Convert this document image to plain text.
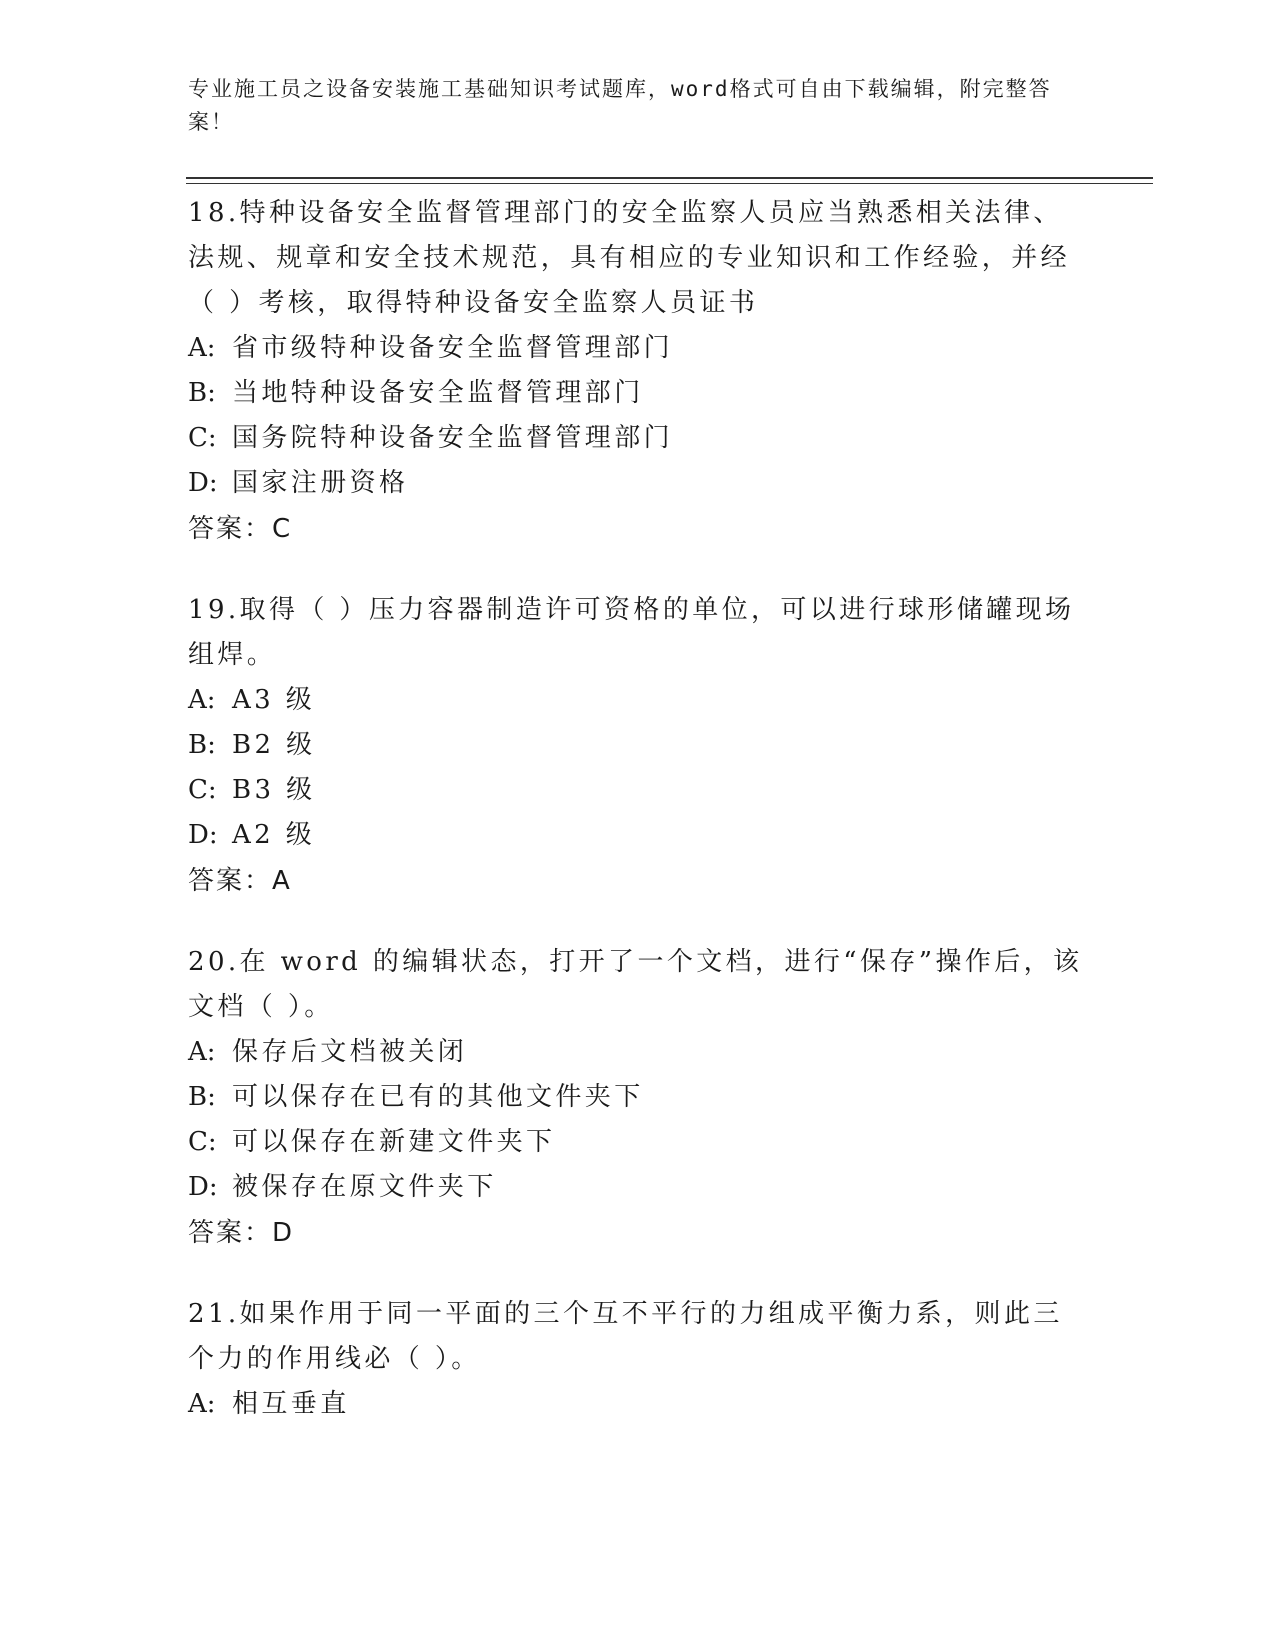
专业施工员之设备安装施工基础知识考试题库，word格式可自由下载编辑，附完整答案！
18.特种设备安全监督管理部门的安全监察人员应当熟悉相关法律、法规、规章和安全技术规范，具有相应的专业知识和工作经验，并经（ ）考核，取得特种设备安全监察人员证书
A: 省市级特种设备安全监督管理部门
B: 当地特种设备安全监督管理部门
C: 国务院特种设备安全监督管理部门
D: 国家注册资格
答案：C
19.取得（ ）压力容器制造许可资格的单位，可以进行球形储罐现场组焊。
A: A3 级
B: B2 级
C: B3 级
D: A2 级
答案：A
20.在 word 的编辑状态，打开了一个文档，进行“保存”操作后，该文档（ ）。
A: 保存后文档被关闭
B: 可以保存在已有的其他文件夹下
C: 可以保存在新建文件夹下
D: 被保存在原文件夹下
答案：D
21.如果作用于同一平面的三个互不平行的力组成平衡力系，则此三个力的作用线必（ ）。
A: 相互垂直
